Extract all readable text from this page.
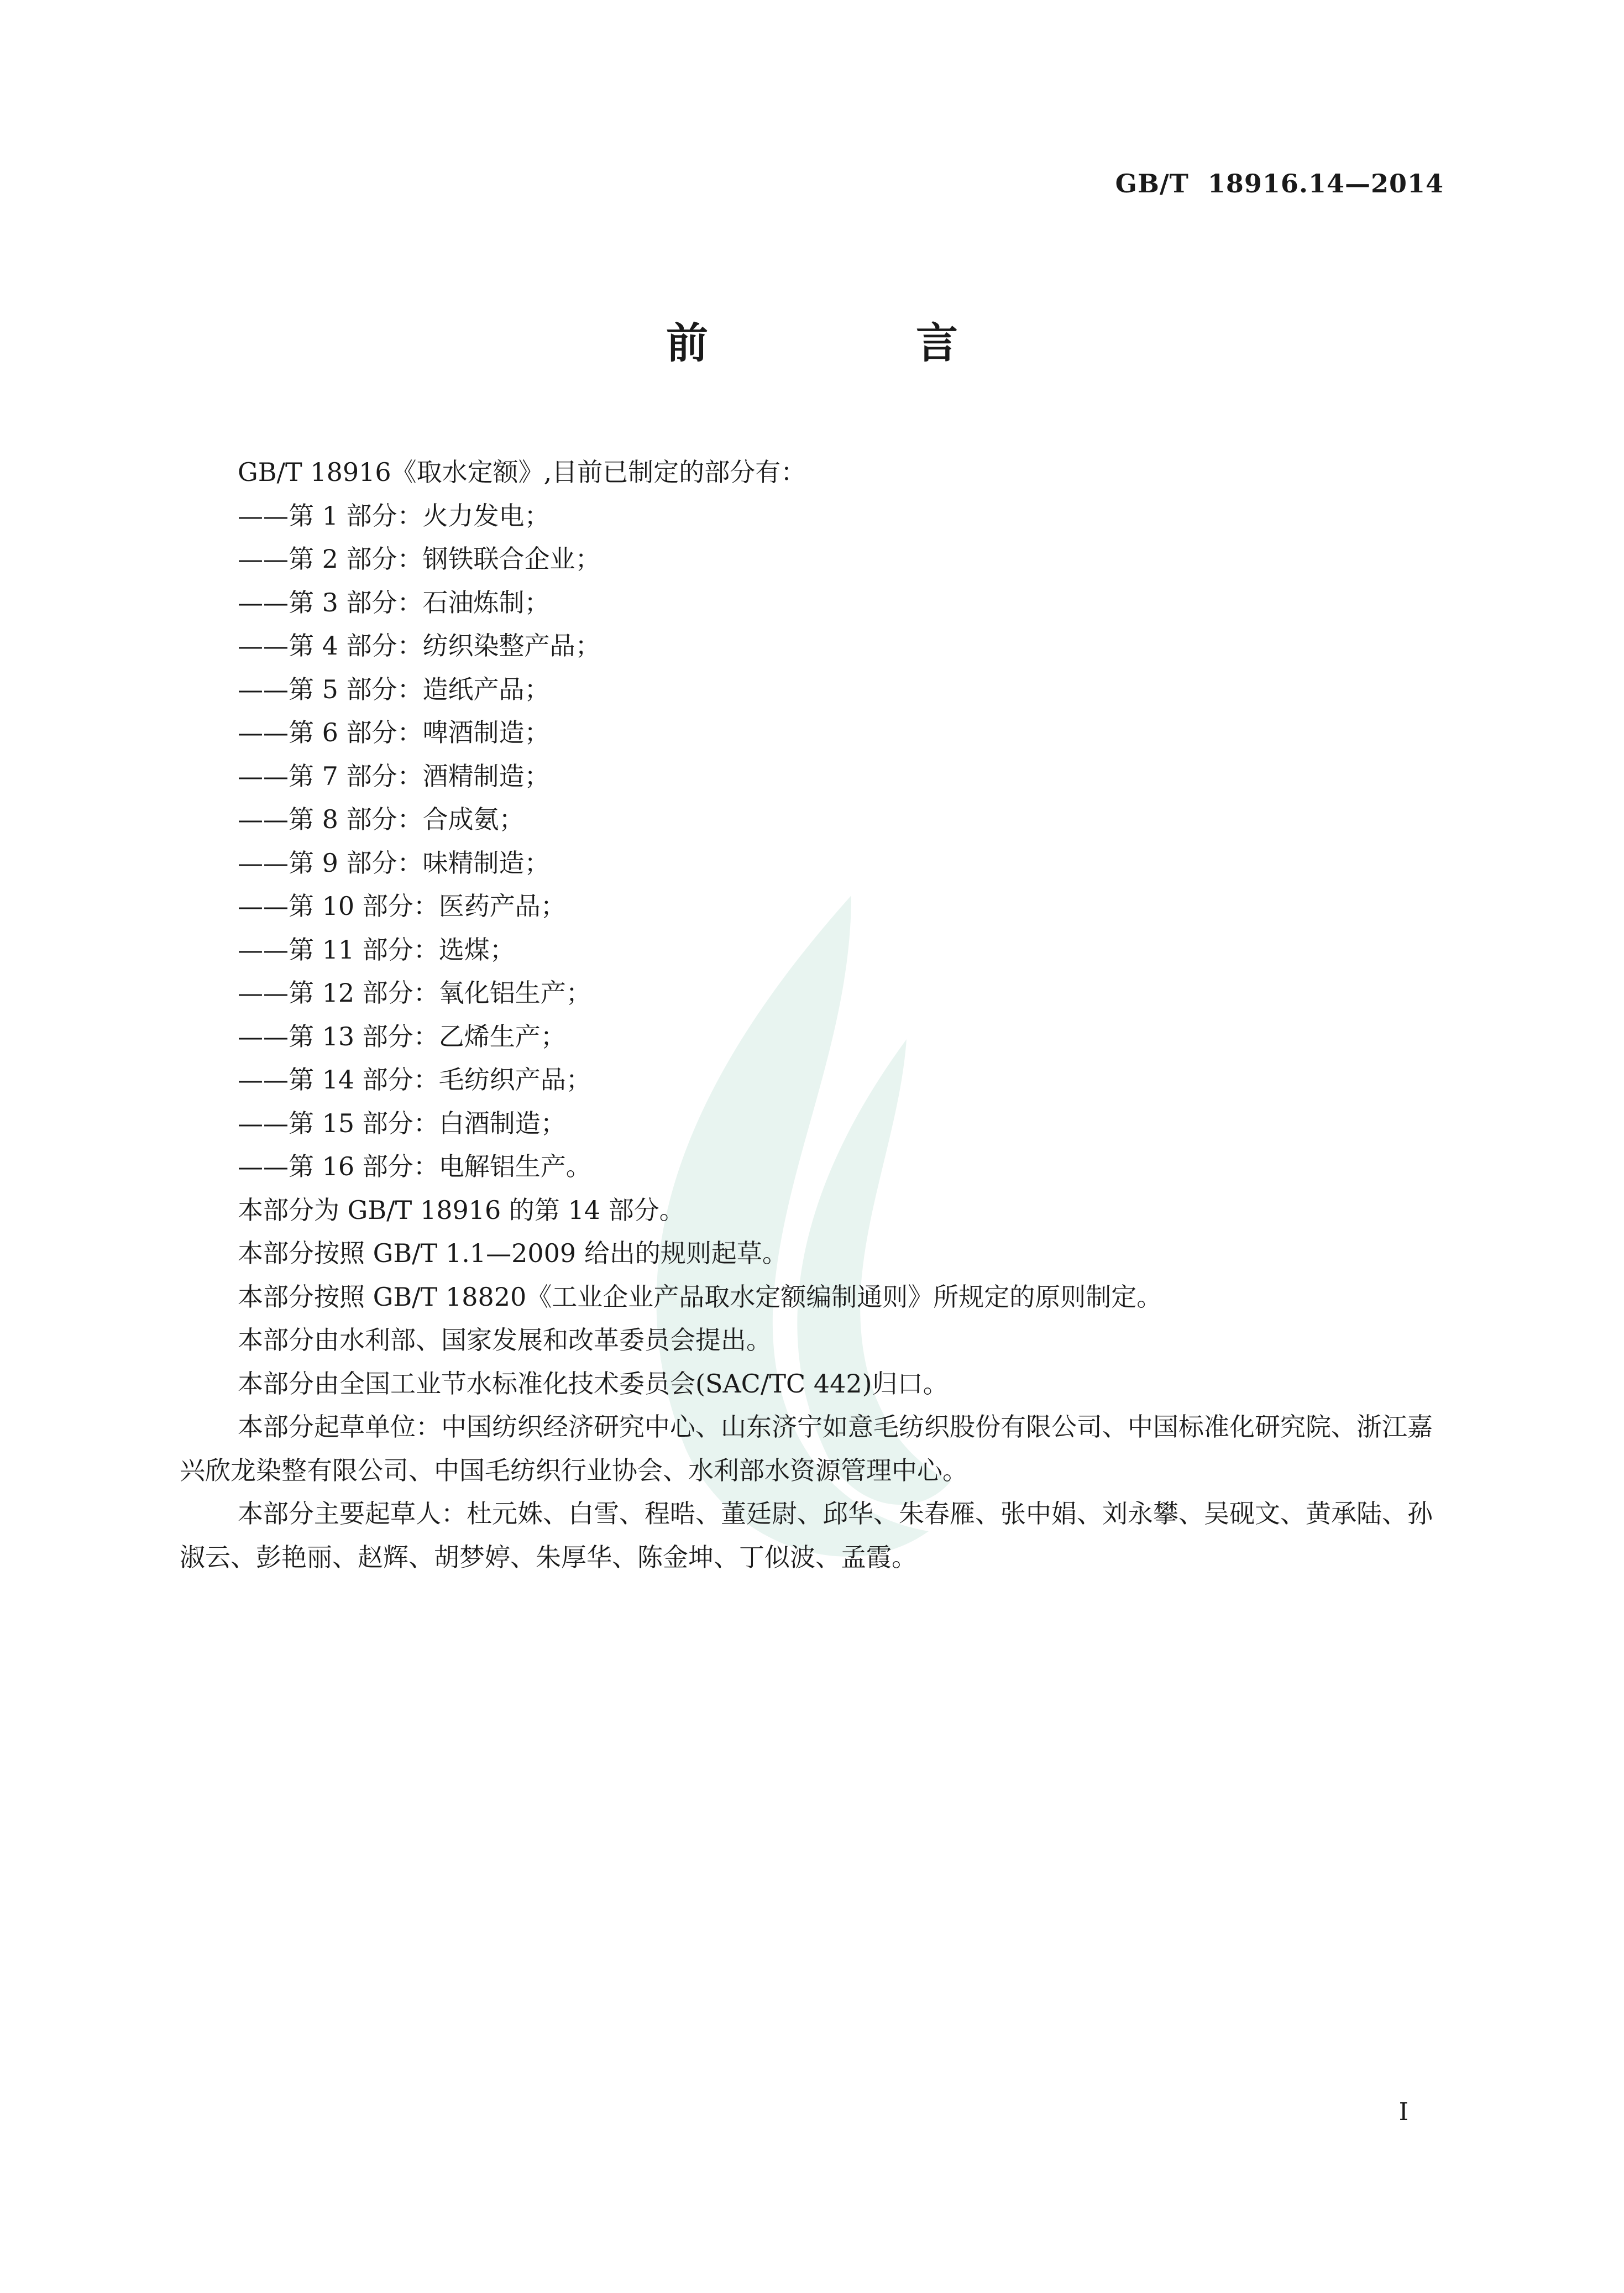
GB/T 18916.14—2014
前　言

GB/T 18916《取水定额》,目前已制定的部分有：

——第 1 部分：火力发电；

——第 2 部分：钢铁联合企业；

——第 3 部分：石油炼制；

——第 4 部分：纺织染整产品；

——第 5 部分：造纸产品；

——第 6 部分：啤酒制造；

——第 7 部分：酒精制造；

——第 8 部分：合成氨；

——第 9 部分：味精制造；

——第 10 部分：医药产品；

——第 11 部分：选煤；

——第 12 部分：氧化铝生产；

——第 13 部分：乙烯生产；

——第 14 部分：毛纺织产品；

——第 15 部分：白酒制造；

——第 16 部分：电解铝生产。

本部分为 GB/T 18916 的第 14 部分。

本部分按照 GB/T 1.1—2009 给出的规则起草。

本部分按照 GB/T 18820《工业企业产品取水定额编制通则》所规定的原则制定。

本部分由水利部、国家发展和改革委员会提出。

本部分由全国工业节水标准化技术委员会(SAC/TC 442)归口。

本部分起草单位：中国纺织经济研究中心、山东济宁如意毛纺织股份有限公司、中国标准化研究院、浙江嘉兴欣龙染整有限公司、中国毛纺织行业协会、水利部水资源管理中心。

本部分主要起草人：杜元姝、白雪、程晧、董廷尉、邱华、朱春雁、张中娟、刘永攀、吴砚文、黄承陆、孙淑云、彭艳丽、赵辉、胡梦婷、朱厚华、陈金坤、丁似波、孟霞。

I
